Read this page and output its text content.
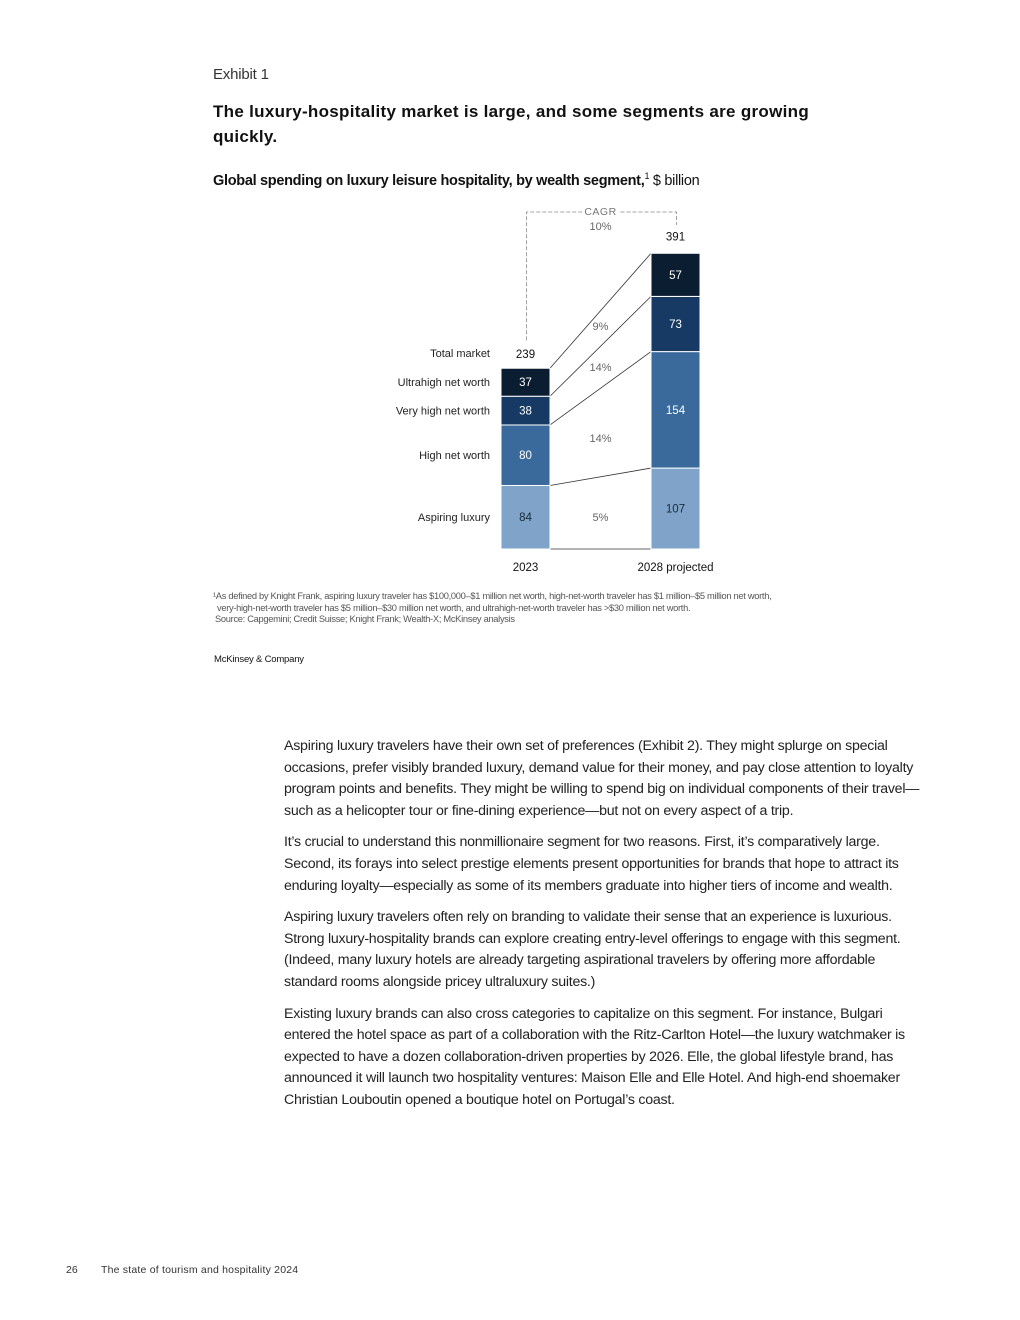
Exhibit 1
The luxury-hospitality market is large, and some segments are growing quickly.
Global spending on luxury leisure hospitality, by wealth segment,$^1$ $ billion
84
107
Aspiring luxury
80
154
High net worth
38
73
Very high net worth
37
57
Ultrahigh net worth
5%
14%
14%
9%
239
391
Total market
CAGR
10%
2023	2028 projected
¹As defined by Knight Frank, aspiring luxury traveler has $100,000–$1 million net worth, high-net-worth traveler has $1 million–$5 million net worth,
very-high-net-worth traveler has $5 million–$30 million net worth, and ultrahigh-net-worth traveler has >$30 million net worth.
Source: Capgemini; Credit Suisse; Knight Frank; Wealth-X; McKinsey analysis
McKinsey & Company

Aspiring luxury travelers have their own set of preferences (Exhibit 2). They might splurge on special occasions, prefer visibly branded luxury, demand value for their money, and pay close attention to loyalty program points and benefits. They might be willing to spend big on individual components of their travel—such as a helicopter tour or fine-dining experience—but not on every aspect of a trip.

It’s crucial to understand this nonmillionaire segment for two reasons. First, it’s comparatively large. Second, its forays into select prestige elements present opportunities for brands that hope to attract its enduring loyalty—especially as some of its members graduate into higher tiers of income and wealth.

Aspiring luxury travelers often rely on branding to validate their sense that an experience is luxurious. Strong luxury-hospitality brands can explore creating entry-level offerings to engage with this segment. (Indeed, many luxury hotels are already targeting aspirational travelers by offering more affordable standard rooms alongside pricey ultraluxury suites.)

Existing luxury brands can also cross categories to capitalize on this segment. For instance, Bulgari entered the hotel space as part of a collaboration with the Ritz-Carlton Hotel—the luxury watchmaker is expected to have a dozen collaboration-driven properties by 2026. Elle, the global lifestyle brand, has announced it will launch two hospitality ventures: Maison Elle and Elle Hotel. And high-end shoemaker Christian Louboutin opened a boutique hotel on Portugal’s coast.

26 The state of tourism and hospitality 2024
